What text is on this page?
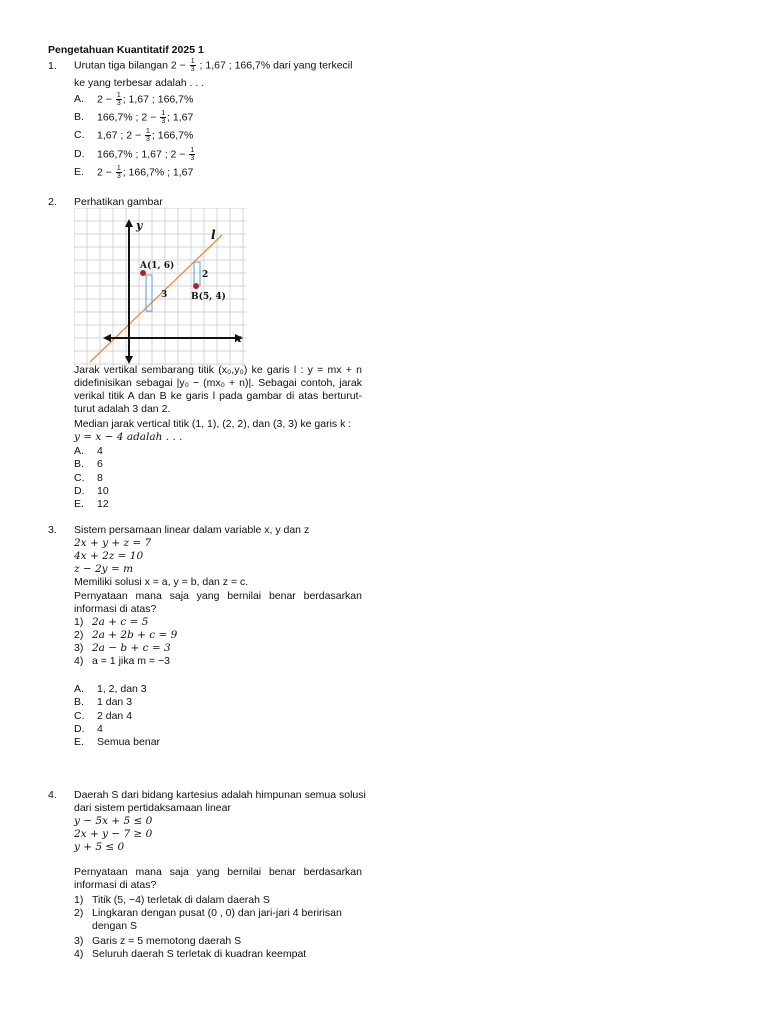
Pengetahuan Kuantitatif 2025 1
1. Urutan tiga bilangan $2 - \frac{1}{3}$ ; 1,67 ; 166,7% dari yang terkecil
ke yang terbesar adalah . . .
A. $2 - \frac{1}{3}$ ; 1,67 ; 166,7%
B. 166,7% ; $2 - \frac{1}{3}$ ; 1,67
C. 1,67 ; $2 - \frac{1}{3}$ ; 166,7%
D. 166,7% ; 1,67 ; $2 - \frac{1}{3}$
E. $2 - \frac{1}{3}$ ; 166,7% ; 1,67
2. Perhatikan gambar
y
x
l
A(1, 6)
B(5, 4)
3
2
Jarak vertikal sembarang titik (x₀,y₀) ke garis l : y = mx + n didefinisikan sebagai |y₀ − (mx₀ + n)|. Sebagai contoh, jarak verikal titik A dan B ke garis l pada gambar di atas berturut-turut adalah 3 dan 2.
Median jarak vertical titik (1, 1), (2, 2), dan (3, 3) ke garis k :
y = x − 4 adalah . . .
A. 4
B. 6
C. 8
D. 10
E. 12
3. Sistem persamaan linear dalam variable x, y dan z
2x + y + z = 7
4x + 2z = 10
z − 2y = m
Memiliki solusi x = a, y = b, dan z = c.
Pernyataan mana saja yang bernilai benar berdasarkan informasi di atas?
1) 2a + c = 5
2) 2a + 2b + c = 9
3) 2a − b + c = 3
4) a = 1 jika m = −3
A. 1, 2, dan 3
B. 1 dan 3
C. 2 dan 4
D. 4
E. Semua benar
4. Daerah S dari bidang kartesius adalah himpunan semua solusi
dari sistem pertidaksamaan linear
y − 5x + 5 ≤ 0
2x + y − 7 ≥ 0
y + 5 ≤ 0
Pernyataan mana saja yang bernilai benar berdasarkan informasi di atas?
1) Titik (5, −4) terletak di dalam daerah S
2) Lingkaran dengan pusat (0 , 0) dan jari-jari 4 beririsan dengan S
3) Garis z = 5 memotong daerah S
4) Seluruh daerah S terletak di kuadran keempat
